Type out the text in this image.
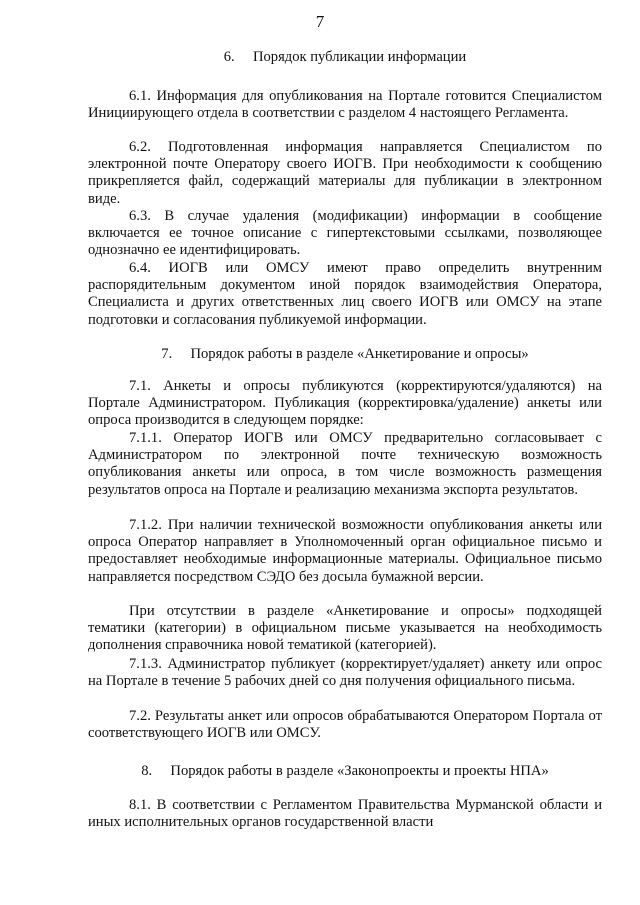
7
6.     Порядок публикации информации

6.1. Информация для опубликования на Портале готовится Специалистом Инициирующего отдела в соответствии с разделом 4 настоящего Регламента.

6.2. Подготовленная информация направляется Специалистом по электронной почте Оператору своего ИОГВ. При необходимости к сообщению прикрепляется файл, содержащий материалы для публикации в электронном виде.

6.3. В случае удаления (модификации) информации в сообщение включается ее точное описание с гипертекстовыми ссылками, позволяющее однозначно ее идентифицировать.

6.4. ИОГВ или ОМСУ имеют право определить внутренним распорядительным документом иной порядок взаимодействия Оператора, Специалиста и других ответственных лиц своего ИОГВ или ОМСУ на этапе подготовки и согласования публикуемой информации.

7.     Порядок работы в разделе «Анкетирование и опросы»

7.1. Анкеты и опросы публикуются (корректируются/удаляются) на Портале Администратором. Публикация (корректировка/удаление) анкеты или опроса производится в следующем порядке:

7.1.1. Оператор ИОГВ или ОМСУ предварительно согласовывает с Администратором по электронной почте техническую возможность опубликования анкеты или опроса, в том числе возможность размещения результатов опроса на Портале и реализацию механизма экспорта результатов.

7.1.2. При наличии технической возможности опубликования анкеты или опроса Оператор направляет в Уполномоченный орган официальное письмо и предоставляет необходимые информационные материалы. Официальное письмо направляется посредством СЭДО без досыла бумажной версии.

При отсутствии в разделе «Анкетирование и опросы» подходящей тематики (категории) в официальном письме указывается на необходимость дополнения справочника новой тематикой (категорией).

7.1.3. Администратор публикует (корректирует/удаляет) анкету или опрос на Портале в течение 5 рабочих дней со дня получения официального письма.

7.2. Результаты анкет или опросов обрабатываются Оператором Портала от соответствующего ИОГВ или ОМСУ.

8.     Порядок работы в разделе «Законопроекты и проекты НПА»

8.1. В соответствии с Регламентом Правительства Мурманской области и иных исполнительных органов государственной власти
